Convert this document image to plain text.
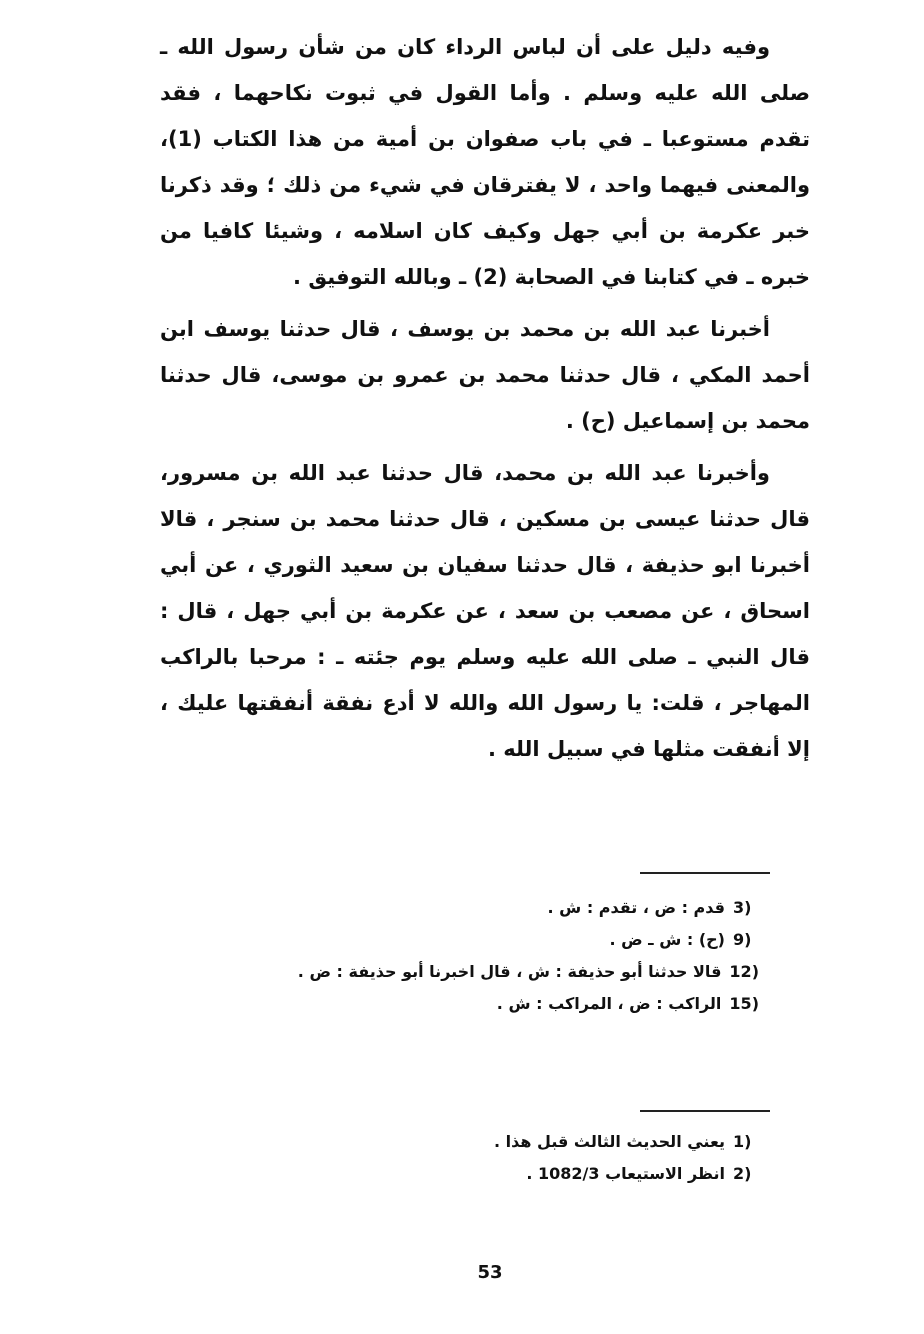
وفيه دليل على أن لباس الرداء كان من شأن رسول الله ـ صلى الله عليه وسلم . وأما القول في ثبوت نكاحهما ، فقد تقدم مستوعبا ـ في باب صفوان بن أمية من هذا الكتاب (1)، والمعنى فيهما واحد ، لا يفترقان في شيء من ذلك ؛ وقد ذكرنا خبر عكرمة بن أبي جهل وكيف كان اسلامه ، وشيئا كافيا من خبره ـ في كتابنا في الصحابة (2) ـ وبالله التوفيق .

أخبرنا عبد الله بن محمد بن يوسف ، قال حدثنا يوسف ابن أحمد المكي ، قال حدثنا محمد بن عمرو بن موسى، قال حدثنا محمد بن إسماعيل (ح) .

وأخبرنا عبد الله بن محمد، قال حدثنا عبد الله بن مسرور، قال حدثنا عيسى بن مسكين ، قال حدثنا محمد بن سنجر ، قالا أخبرنا ابو حذيفة ، قال حدثنا سفيان بن سعيد الثوري ، عن أبي اسحاق ، عن مصعب بن سعد ، عن عكرمة بن أبي جهل ، قال : قال النبي ـ صلى الله عليه وسلم يوم جئته ـ : مرحبا بالراكب المهاجر ، قلت: يا رسول الله والله لا أدع نفقة أنفقتها عليك ، إلا أنفقت مثلها في سبيل الله .

3)قدم : ض ، تقدم : ش .
9)(ح) : ش ـ ض .
12)قالا حدثنا أبو حذيفة : ش ، قال اخبرنا أبو حذيفة : ض .
15)الراكب : ض ، المراكب : ش .
1)يعني الحديث الثالث قبل هذا .
2)انظر الاستيعاب 1082/3 .
53
